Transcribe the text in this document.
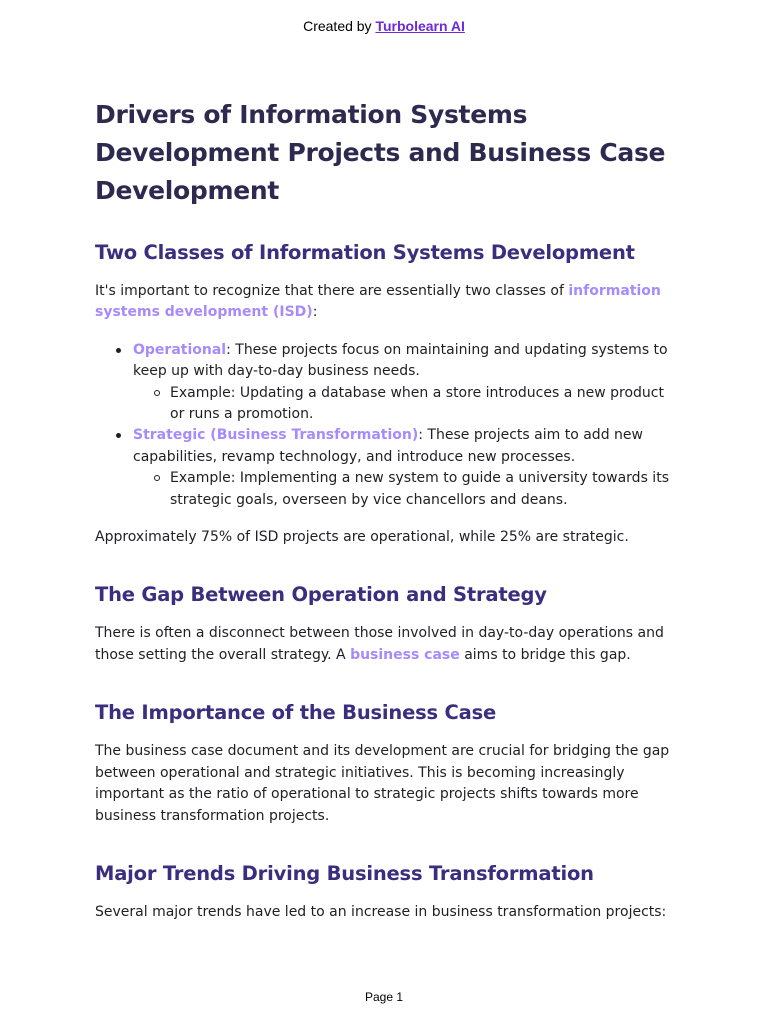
Created by Turbolearn AI
Drivers of Information Systems Development Projects and Business Case Development
Two Classes of Information Systems Development

It's important to recognize that there are essentially two classes of information systems development (ISD):

Operational: These projects focus on maintaining and updating systems to keep up with day-to-day business needs.
Example: Updating a database when a store introduces a new product or runs a promotion.
Strategic (Business Transformation): These projects aim to add new capabilities, revamp technology, and introduce new processes.
Example: Implementing a new system to guide a university towards its strategic goals, overseen by vice chancellors and deans.

Approximately 75% of ISD projects are operational, while 25% are strategic.

The Gap Between Operation and Strategy

There is often a disconnect between those involved in day-to-day operations and those setting the overall strategy. A business case aims to bridge this gap.

The Importance of the Business Case

The business case document and its development are crucial for bridging the gap between operational and strategic initiatives. This is becoming increasingly important as the ratio of operational to strategic projects shifts towards more business transformation projects.

Major Trends Driving Business Transformation

Several major trends have led to an increase in business transformation projects:

Page 1
